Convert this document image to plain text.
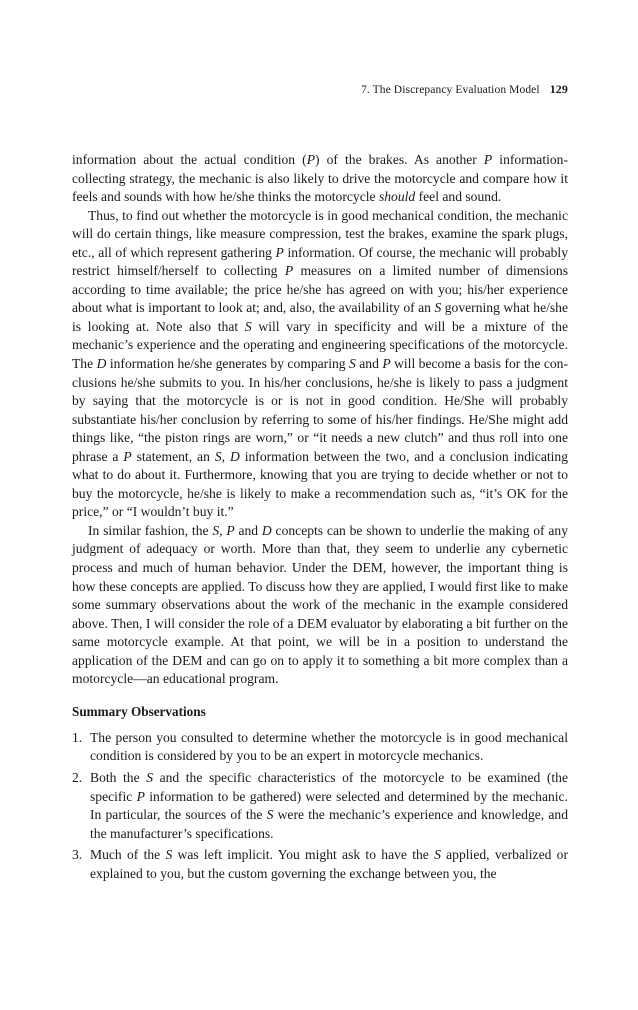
7. The Discrepancy Evaluation Model 129

information about the actual condition (P) of the brakes. As another P information-collecting strategy, the mechanic is also likely to drive the motorcycle and compare how it feels and sounds with how he/she thinks the motorcycle should feel and sound.

Thus, to find out whether the motorcycle is in good mechanical condition, the mechanic will do certain things, like measure compression, test the brakes, examine the spark plugs, etc., all of which represent gathering P information. Of course, the mechanic will probably restrict himself/herself to collecting P measures on a limited number of dimensions according to time available; the price he/she has agreed on with you; his/her experience about what is important to look at; and, also, the availability of an S governing what he/she is looking at. Note also that S will vary in specificity and will be a mixture of the mechanic’s experience and the operating and engineering specifications of the motorcycle. The D information he/she generates by comparing S and P will become a basis for the conclusions he/she submits to you. In his/her conclusions, he/she is likely to pass a judgment by saying that the motorcycle is or is not in good condition. He/She will probably substantiate his/her conclusion by referring to some of his/her findings. He/She might add things like, “the piston rings are worn,” or “it needs a new clutch” and thus roll into one phrase a P statement, an S, D information between the two, and a conclusion indicating what to do about it. Furthermore, knowing that you are trying to decide whether or not to buy the motorcycle, he/she is likely to make a recommendation such as, “it’s OK for the price,” or “I wouldn’t buy it.”

In similar fashion, the S, P and D concepts can be shown to underlie the making of any judgment of adequacy or worth. More than that, they seem to underlie any cybernetic process and much of human behavior. Under the DEM, however, the important thing is how these concepts are applied. To discuss how they are applied, I would first like to make some summary observations about the work of the mechanic in the example considered above. Then, I will consider the role of a DEM evaluator by elaborating a bit further on the same motorcycle example. At that point, we will be in a position to understand the application of the DEM and can go on to apply it to something a bit more complex than a motorcycle—an educational program.

Summary Observations
1. The person you consulted to determine whether the motorcycle is in good mechanical condition is considered by you to be an expert in motorcycle mechanics.
2. Both the S and the specific characteristics of the motorcycle to be examined (the specific P information to be gathered) were selected and determined by the mechanic. In particular, the sources of the S were the mechanic’s experience and knowledge, and the manufacturer’s specifications.
3. Much of the S was left implicit. You might ask to have the S applied, verbalized or explained to you, but the custom governing the exchange between you, the
